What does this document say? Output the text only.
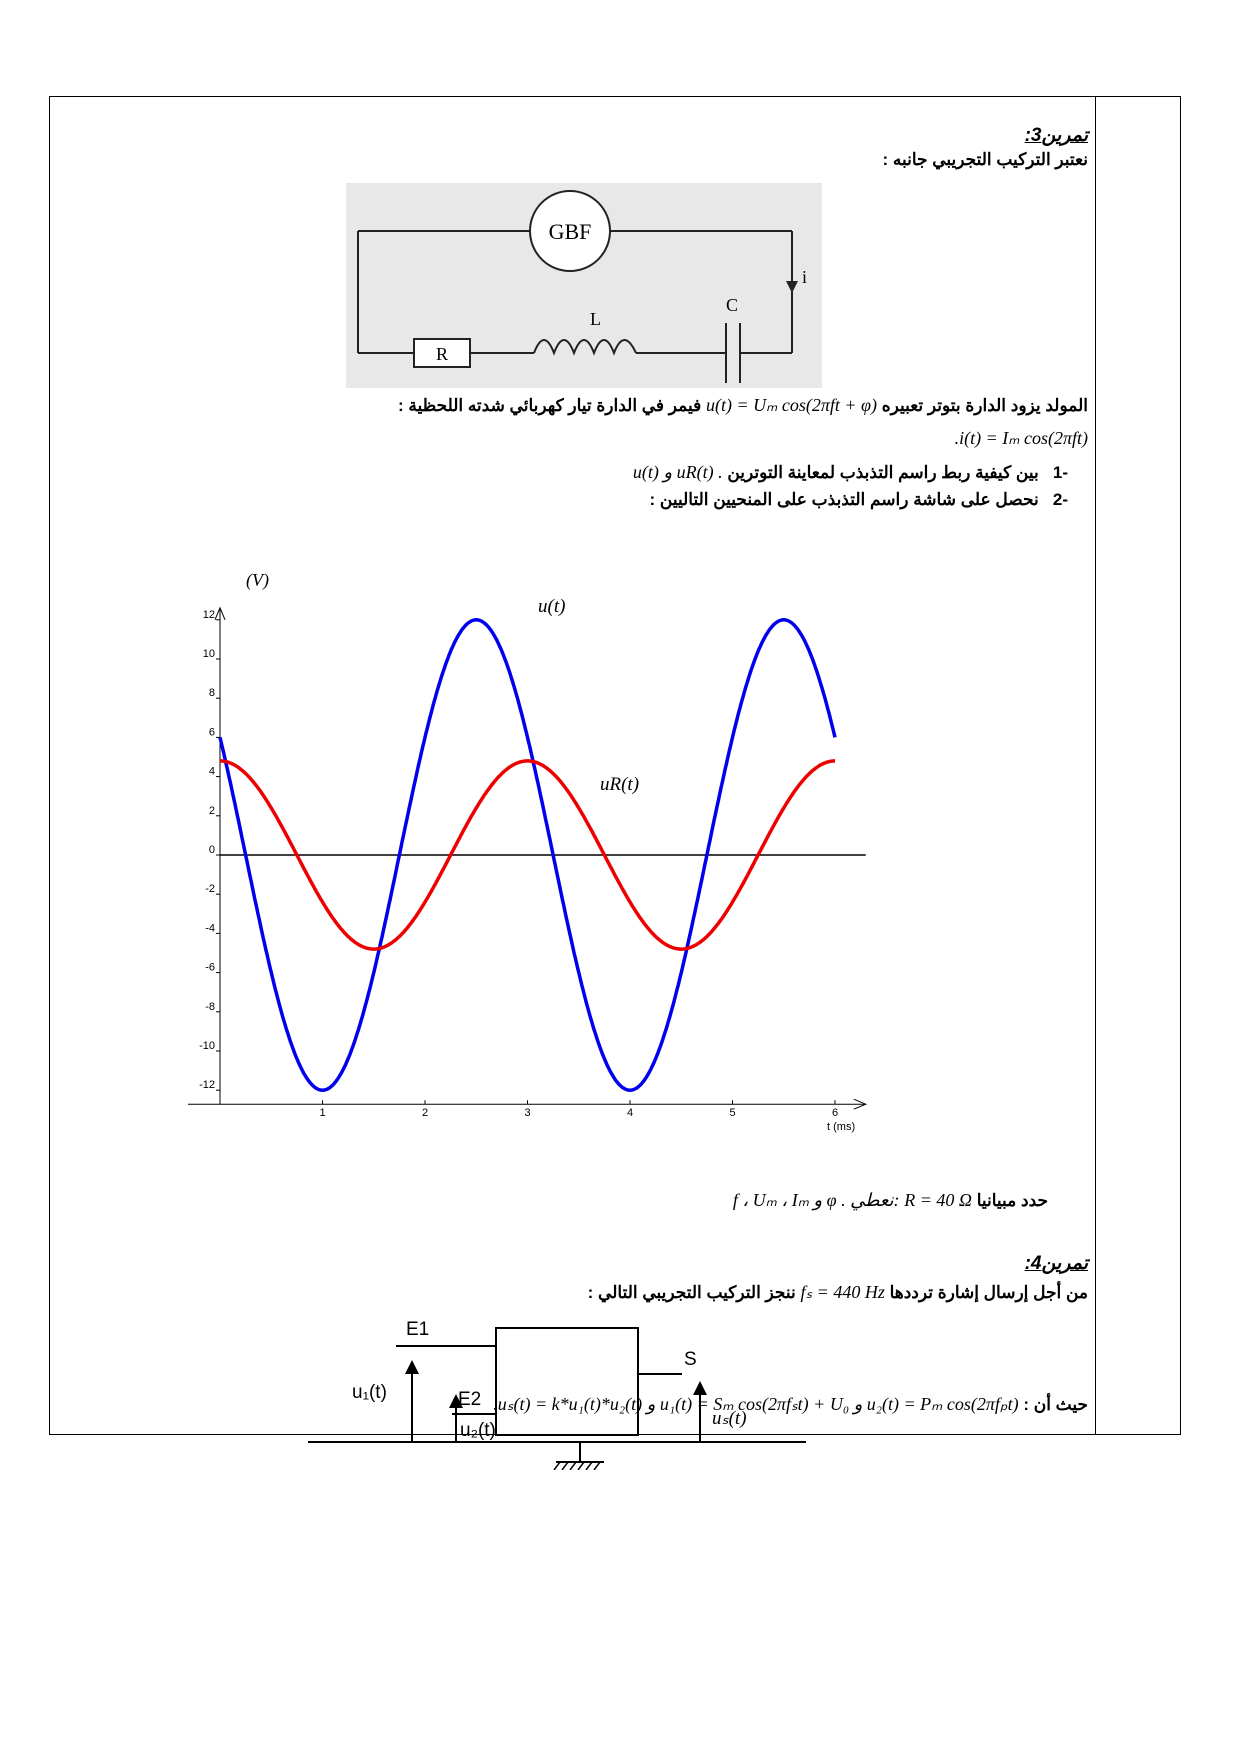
تمرين3:
نعتبر التركيب التجريبي جانبه :
GBF
i
L
C
R
المولد يزود الدارة بتوتر تعبيره u(t) = Uₘ cos(2πft + φ) فيمر في الدارة تيار كهربائي شدته اللحظية :
.i(t) = Iₘ cos(2πft)
-1   بين كيفية ربط راسم التذبذب لمعاينة التوترين u(t) و uR(t) .
-2   نحصل على شاشة راسم التذبذب على المنحيين التاليين :
12
10
8
6
4
2
0
-2
-4
-6
-8
-10
-12
1	2	3	4	5	6
(V)
t (ms)
u(t)
uR(t)
حدد مبيانيا f ، Uₘ ، Iₘ و φ . نعطي: R = 40 Ω
تمرين4:
من أجل إرسال إشارة ترددها fₛ = 440 Hz ننجز التركيب التجريبي التالي :
E1
E2
S
u₁(t)
u₂(t)
uₛ(t)
حيث أن : .uₛ(t) = k*u₁(t)*u₂(t) و u₁(t) = Sₘ cos(2πfₛt) + U₀ و u₂(t) = Pₘ cos(2πfₚt)
